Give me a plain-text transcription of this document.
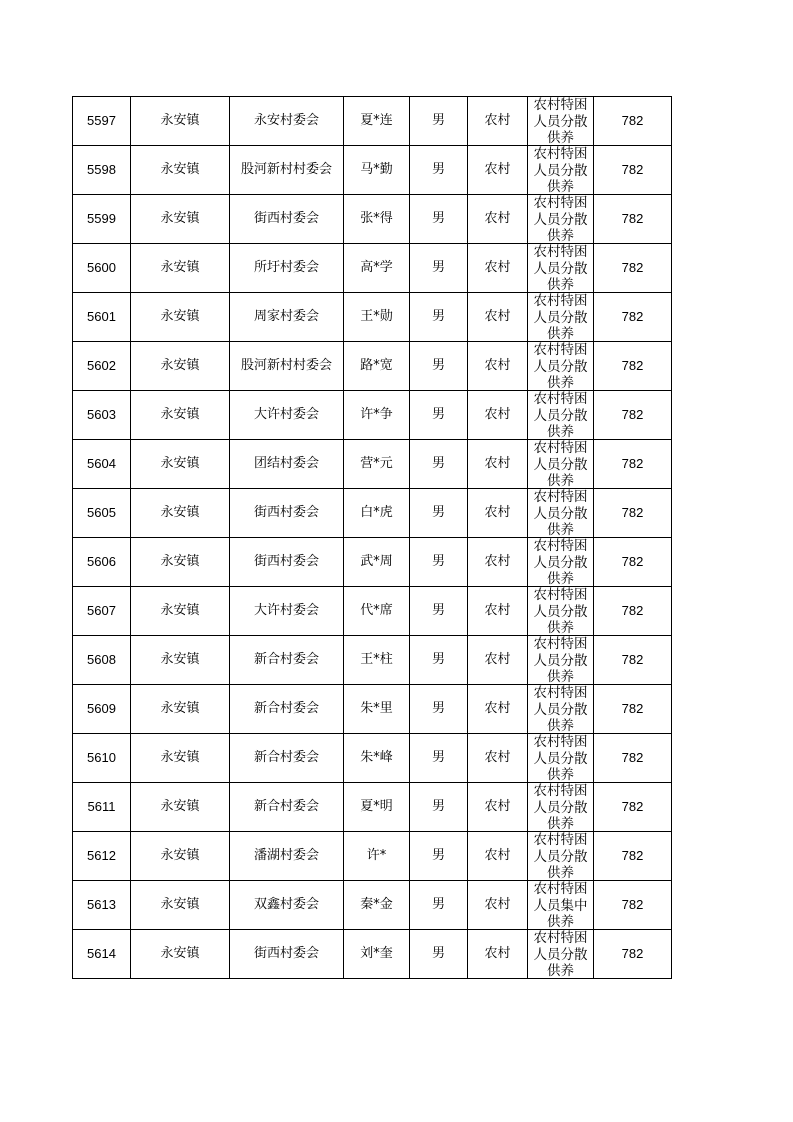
5597	永安镇	永安村委会	夏*连	男	农村	农村特困人员分散供养	782
5598	永安镇	股河新村村委会	马*勤	男	农村	农村特困人员分散供养	782
5599	永安镇	街西村委会	张*得	男	农村	农村特困人员分散供养	782
5600	永安镇	所圩村委会	高*学	男	农村	农村特困人员分散供养	782
5601	永安镇	周家村委会	王*勋	男	农村	农村特困人员分散供养	782
5602	永安镇	股河新村村委会	路*宽	男	农村	农村特困人员分散供养	782
5603	永安镇	大许村委会	许*争	男	农村	农村特困人员分散供养	782
5604	永安镇	团结村委会	营*元	男	农村	农村特困人员分散供养	782
5605	永安镇	街西村委会	白*虎	男	农村	农村特困人员分散供养	782
5606	永安镇	街西村委会	武*周	男	农村	农村特困人员分散供养	782
5607	永安镇	大许村委会	代*席	男	农村	农村特困人员分散供养	782
5608	永安镇	新合村委会	王*柱	男	农村	农村特困人员分散供养	782
5609	永安镇	新合村委会	朱*里	男	农村	农村特困人员分散供养	782
5610	永安镇	新合村委会	朱*峰	男	农村	农村特困人员分散供养	782
5611	永安镇	新合村委会	夏*明	男	农村	农村特困人员分散供养	782
5612	永安镇	潘湖村委会	许*	男	农村	农村特困人员分散供养	782
5613	永安镇	双鑫村委会	秦*金	男	农村	农村特困人员集中供养	782
5614	永安镇	街西村委会	刘*奎	男	农村	农村特困人员分散供养	782
